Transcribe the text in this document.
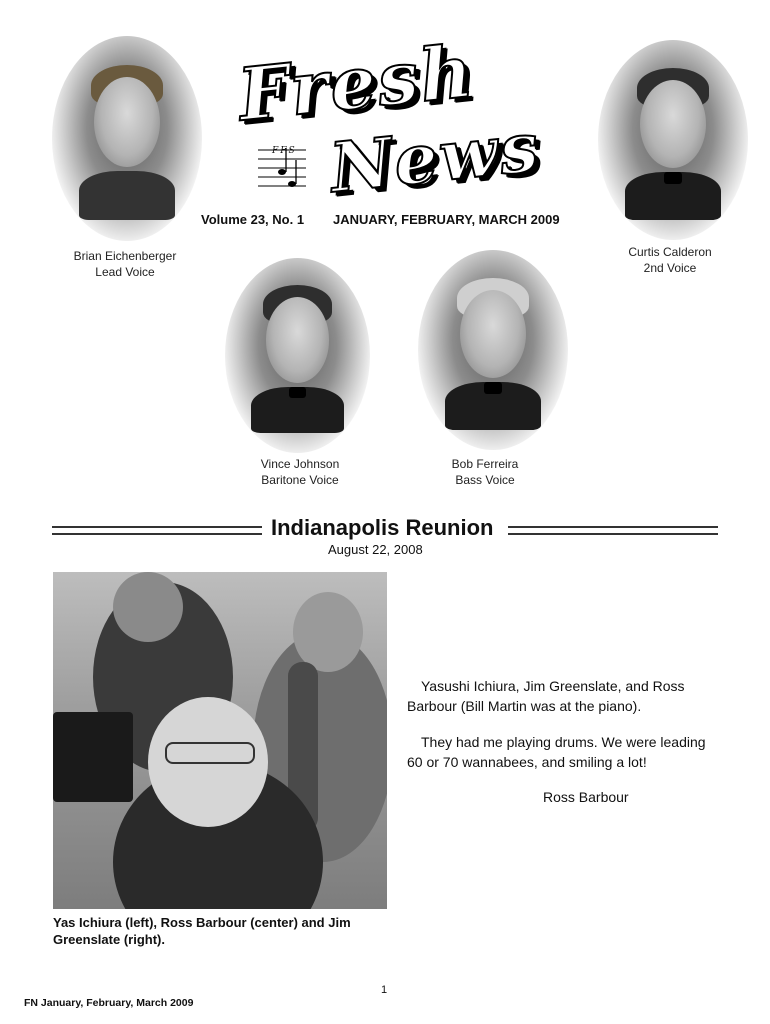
Brian Eichenberger
Lead Voice
Curtis Calderon
2nd Voice
Vince Johnson
Baritone Voice
Bob Ferreira
Bass Voice
Fresh
News
FFS
Volume 23, No. 1 JANUARY, FEBRUARY, MARCH 2009
Indianapolis Reunion
August 22, 2008
Yas Ichiura (left), Ross Barbour (center) and Jim Greenslate (right).
Yasushi Ichiura, Jim Greenslate, and Ross Barbour (Bill Martin was at the piano).
They had me playing drums. We were leading 60 or 70 wannabees, and smiling a lot!
Ross Barbour
1
FN January, February, March 2009
